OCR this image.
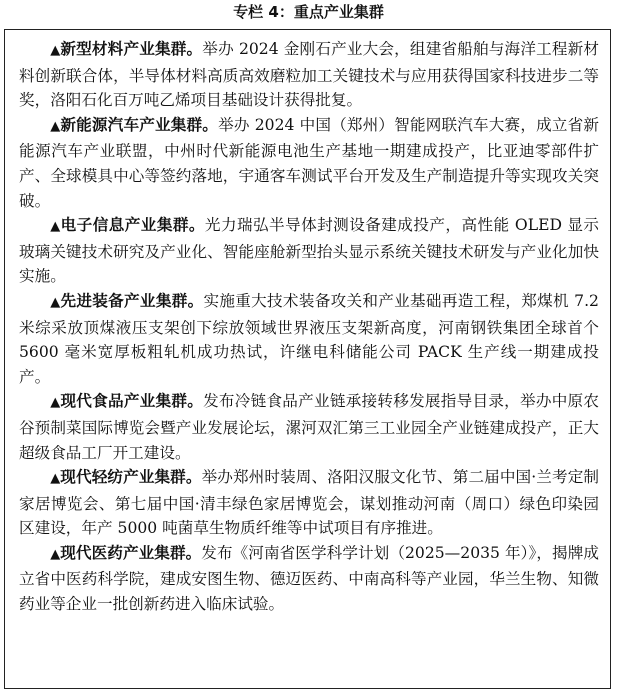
专栏 4：重点产业集群

▲新型材料产业集群。举办 2024 金刚石产业大会，组建省船舶与海洋工程新材料创新联合体，半导体材料高质高效磨粒加工关键技术与应用获得国家科技进步二等奖，洛阳石化百万吨乙烯项目基础设计获得批复。

▲新能源汽车产业集群。举办 2024 中国（郑州）智能网联汽车大赛，成立省新能源汽车产业联盟，中州时代新能源电池生产基地一期建成投产，比亚迪零部件扩产、全球模具中心等签约落地，宇通客车测试平台开发及生产制造提升等实现攻关突破。

▲电子信息产业集群。光力瑞弘半导体封测设备建成投产，高性能 OLED 显示玻璃关键技术研究及产业化、智能座舱新型抬头显示系统关键技术研发与产业化加快实施。

▲先进装备产业集群。实施重大技术装备攻关和产业基础再造工程，郑煤机 7.2 米综采放顶煤液压支架创下综放领域世界液压支架新高度，河南钢铁集团全球首个 5600 毫米宽厚板粗轧机成功热试，许继电科储能公司 PACK 生产线一期建成投产。

▲现代食品产业集群。发布冷链食品产业链承接转移发展指导目录，举办中原农谷预制菜国际博览会暨产业发展论坛，漯河双汇第三工业园全产业链建成投产，正大超级食品工厂开工建设。

▲现代轻纺产业集群。举办郑州时装周、洛阳汉服文化节、第二届中国·兰考定制家居博览会、第七届中国·清丰绿色家居博览会，谋划推动河南（周口）绿色印染园区建设，年产 5000 吨菌草生物质纤维等中试项目有序推进。

▲现代医药产业集群。发布《河南省医学科学计划（2025—2035 年）》，揭牌成立省中医药科学院，建成安图生物、德迈医药、中南高科等产业园，华兰生物、知微药业等企业一批创新药进入临床试验。
